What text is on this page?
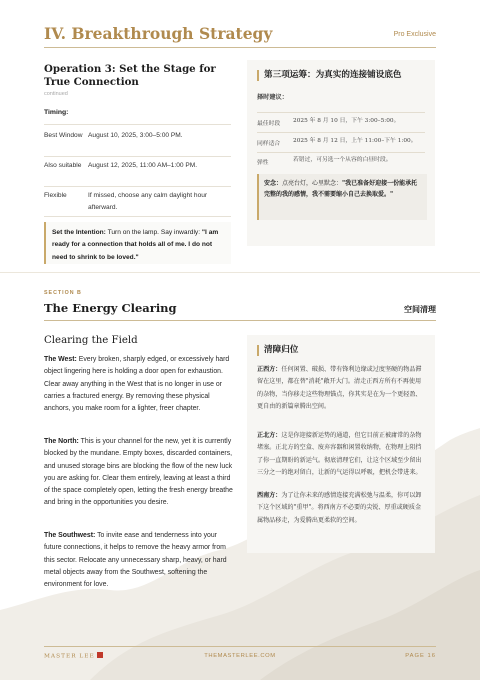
IV. Breakthrough Strategy	Pro Exclusive
Operation 3: Set the Stage for True Connection
continued
Timing:
Best Window August 10, 2025, 3:00–5:00 PM.
Also suitable	August 12, 2025, 11:00 AM–1:00 PM.
Flexible	If missed, choose any calm daylight hour afterward.
Set the Intention: Turn on the lamp. Say inwardly: "I am ready for a connection that holds all of me. I do not need to shrink to be loved."
第三项运筹：为真实的连接铺设底色
择时建议：
最佳时段 2025 年 8 月 10 日，下午 3:00–5:00。
同样适合 2025 年 8 月 12 日，上午 11:00–下午 1:00。
弹性	若错过，可另选一个从容的白昼时段。
安念：点亮台灯，心里默念："我已准备好迎接一份能承托完整的我的感情，我不需要缩小自己去换取爱。"
SECTION B
The Energy Clearing	空间清理
Clearing the Field
The West: Every broken, sharply edged, or excessively hard object lingering here is holding a door open for exhaustion. Clear away anything in the West that is no longer in use or carries a fractured energy. By removing these physical anchors, you make room for a lighter, freer chapter.
The North: This is your channel for the new, yet it is currently blocked by the mundane. Empty boxes, discarded containers, and unused storage bins are blocking the flow of the new luck you are asking for. Clear them entirely, leaving at least a third of the space completely open, letting the fresh energy breathe and bring in the opportunities you desire.
The Southwest: To invite ease and tenderness into your future connections, it helps to remove the heavy armor from this sector. Relocate any unnecessary sharp, heavy, or hard metal objects away from the Southwest, softening the environment for love.
清障归位
正西方：任何闲置、破损、带有锋利边缘或过度坚硬的物品滞留在这里，都在替"消耗"敞开大门。清走正西方所有不再使用的杂物，当你移走这些物理锚点，你其实是在为一个更轻盈、更自由的新篇章腾出空间。
正北方：这是你迎接新运势的通道，但它目前正被庸常的杂物堵塞。正北方的空盒、废弃容器和闲置收纳物，在物理上阻挡了你一直期盼的新运气。彻底清理它们，让这个区域至少留出三分之一的绝对留白，让新的气运得以呼吸，把机会带进来。
西南方：为了让你未来的感情连接充满松弛与温柔，你可以卸下这个区域的"重甲"。将西南方不必要的尖锐、厚重或硬质金属物品移走，为爱腾出更柔软的空间。
MASTER LEE	THEMASTERLEE.COM	PAGE 16
